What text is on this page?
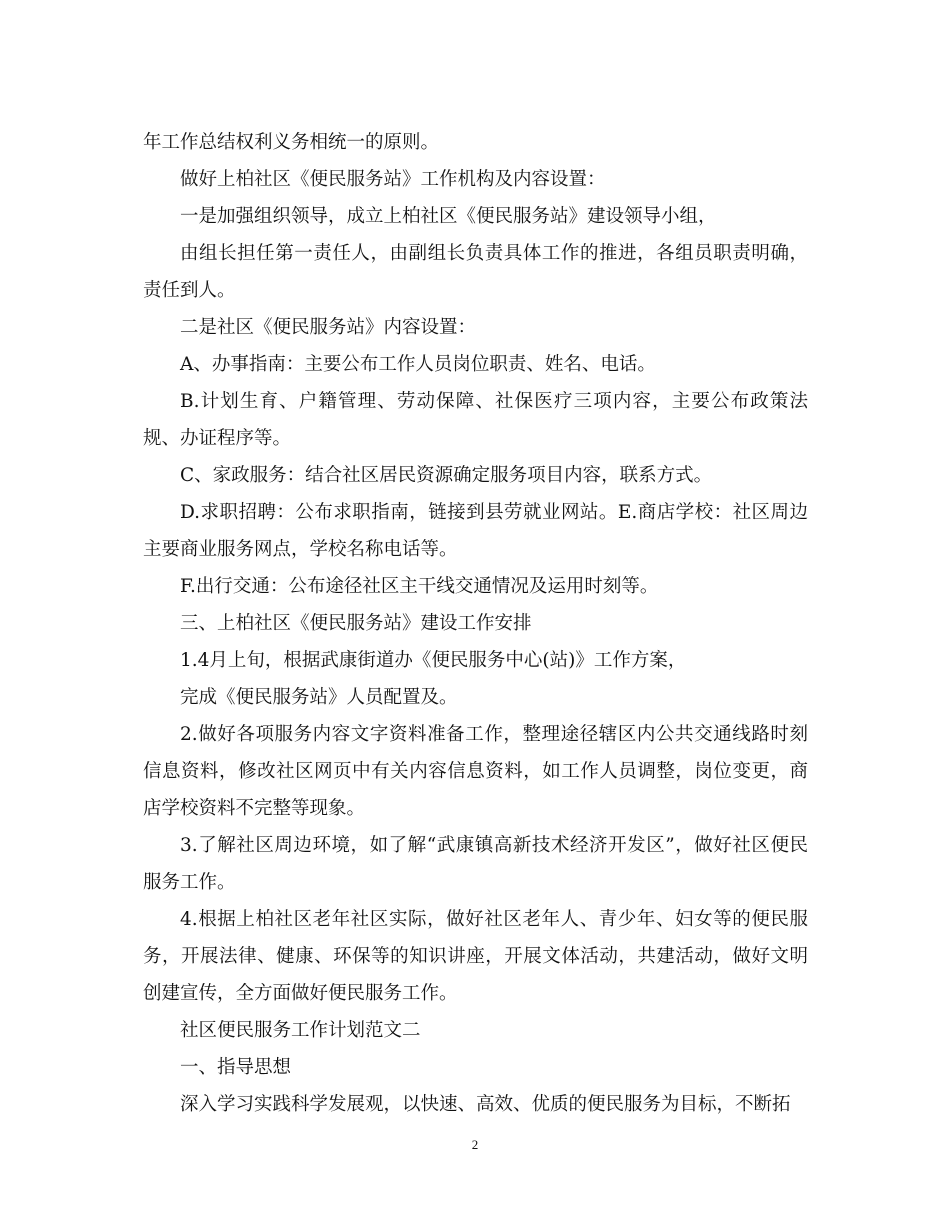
年工作总结权利义务相统一的原则。

做好上柏社区《便民服务站》工作机构及内容设置：

一是加强组织领导，成立上柏社区《便民服务站》建设领导小组，

由组长担任第一责任人，由副组长负责具体工作的推进，各组员职责明确，责任到人。

二是社区《便民服务站》内容设置：

A、办事指南：主要公布工作人员岗位职责、姓名、电话。

B.计划生育、户籍管理、劳动保障、社保医疗三项内容，主要公布政策法规、办证程序等。

C、家政服务：结合社区居民资源确定服务项目内容，联系方式。

D.求职招聘：公布求职指南，链接到县劳就业网站。E.商店学校：社区周边主要商业服务网点，学校名称电话等。

F.出行交通：公布途径社区主干线交通情况及运用时刻等。

三、上柏社区《便民服务站》建设工作安排

1.4月上旬，根据武康街道办《便民服务中心(站)》工作方案，

完成《便民服务站》人员配置及。

2.做好各项服务内容文字资料准备工作，整理途径辖区内公共交通线路时刻信息资料，修改社区网页中有关内容信息资料，如工作人员调整，岗位变更，商店学校资料不完整等现象。

3.了解社区周边环境，如了解“武康镇高新技术经济开发区”，做好社区便民服务工作。

4.根据上柏社区老年社区实际，做好社区老年人、青少年、妇女等的便民服务，开展法律、健康、环保等的知识讲座，开展文体活动，共建活动，做好文明创建宣传，全方面做好便民服务工作。

社区便民服务工作计划范文二

一、指导思想

深入学习实践科学发展观，以快速、高效、优质的便民服务为目标，不断拓

2
